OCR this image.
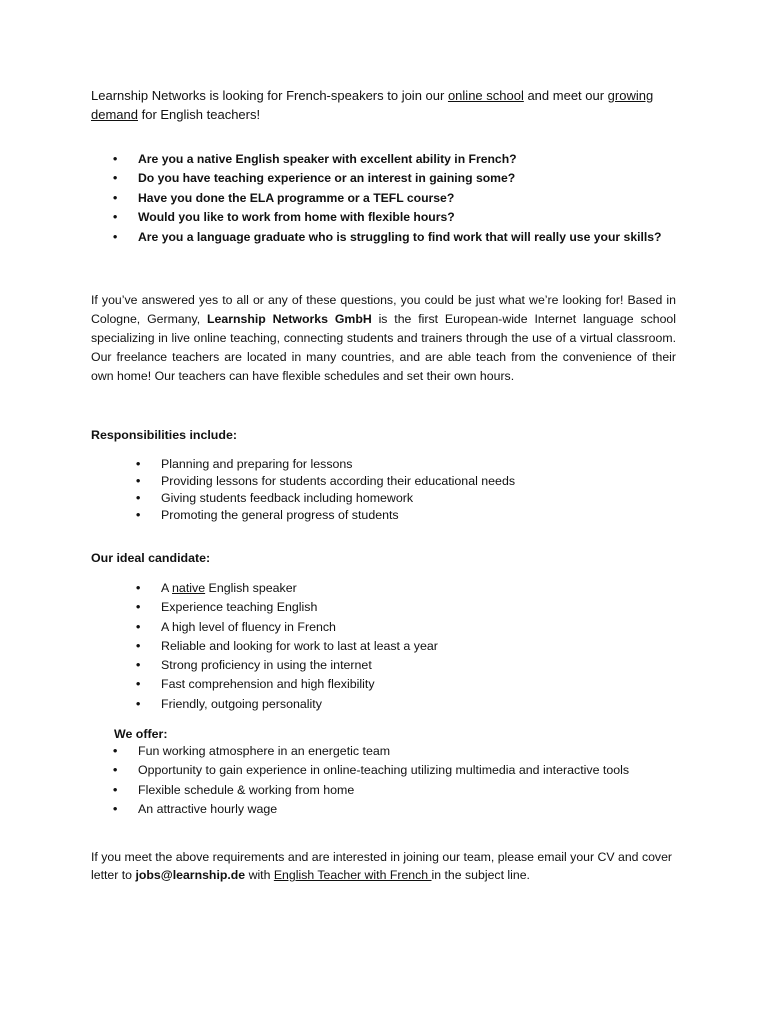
Learnship Networks is looking for French-speakers to join our online school and meet our growing demand for English teachers!

• Are you a native English speaker with excellent ability in French?
• Do you have teaching experience or an interest in gaining some?
• Have you done the ELA programme or a TEFL course?
• Would you like to work from home with flexible hours?
• Are you a language graduate who is struggling to find work that will really use your skills?

If you’ve answered yes to all or any of these questions, you could be just what we’re looking for! Based in Cologne, Germany, Learnship Networks GmbH is the first European-wide Internet language school specializing in live online teaching, connecting students and trainers through the use of a virtual classroom. Our freelance teachers are located in many countries, and are able teach from the convenience of their own home! Our teachers can have flexible schedules and set their own hours.

Responsibilities include:

• Planning and preparing for lessons
• Providing lessons for students according their educational needs
• Giving students feedback including homework
• Promoting the general progress of students

Our ideal candidate:

• A native English speaker
• Experience teaching English
• A high level of fluency in French
• Reliable and looking for work to last at least a year
• Strong proficiency in using the internet
• Fast comprehension and high flexibility
• Friendly, outgoing personality

We offer:

• Fun working atmosphere in an energetic team
• Opportunity to gain experience in online-teaching utilizing multimedia and interactive tools
• Flexible schedule & working from home
• An attractive hourly wage

If you meet the above requirements and are interested in joining our team, please email your CV and cover letter to jobs@learnship.de with English Teacher with French in the subject line.
